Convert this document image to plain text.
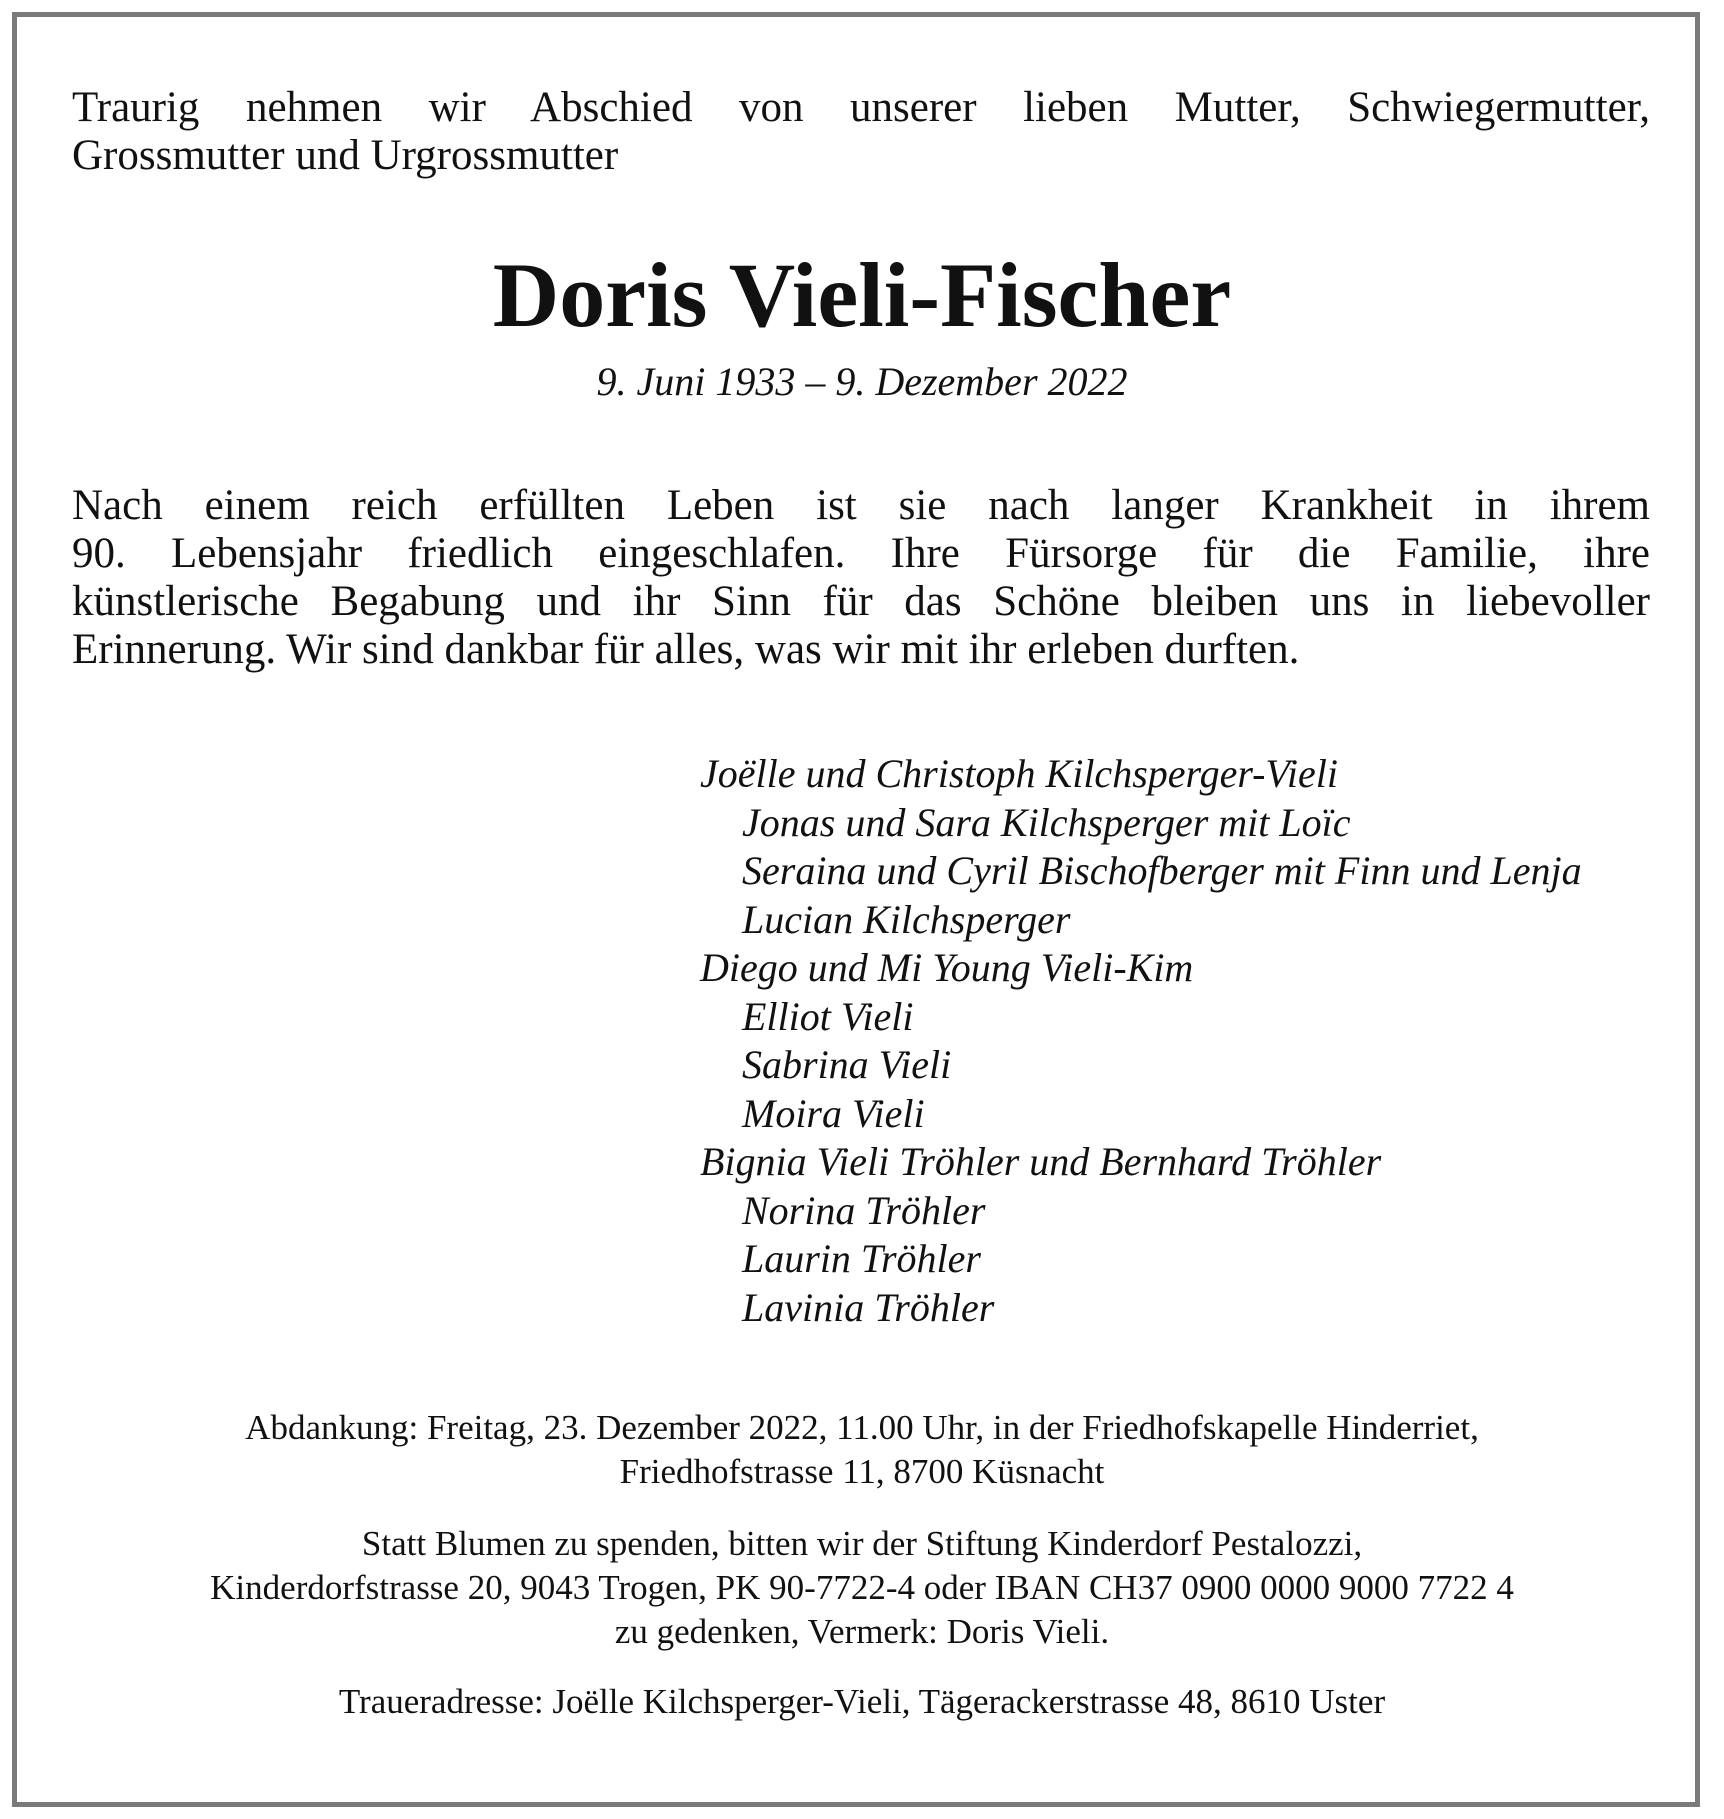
Traurig nehmen wir Abschied von unserer lieben Mutter, Schwiegermutter,
Grossmutter und Urgrossmutter
Doris Vieli-Fischer
9. Juni 1933 – 9. Dezember 2022
Nach einem reich erfüllten Leben ist sie nach langer Krankheit in ihrem
90. Lebensjahr friedlich eingeschlafen. Ihre Fürsorge für die Familie, ihre
künstlerische Begabung und ihr Sinn für das Schöne bleiben uns in liebevoller
Erinnerung. Wir sind dankbar für alles, was wir mit ihr erleben durften.
Joëlle und Christoph Kilchsperger-Vieli
Jonas und Sara Kilchsperger mit Loïc
Seraina und Cyril Bischofberger mit Finn und Lenja
Lucian Kilchsperger
Diego und Mi Young Vieli-Kim
Elliot Vieli
Sabrina Vieli
Moira Vieli
Bignia Vieli Tröhler und Bernhard Tröhler
Norina Tröhler
Laurin Tröhler
Lavinia Tröhler
Abdankung: Freitag, 23. Dezember 2022, 11.00 Uhr, in der Friedhofskapelle Hinderriet,
Friedhofstrasse 11, 8700 Küsnacht
Statt Blumen zu spenden, bitten wir der Stiftung Kinderdorf Pestalozzi,
Kinderdorfstrasse 20, 9043 Trogen, PK 90-7722-4 oder IBAN CH37 0900 0000 9000 7722 4
zu gedenken, Vermerk: Doris Vieli.
Traueradresse: Joëlle Kilchsperger-Vieli, Tägerackerstrasse 48, 8610 Uster
